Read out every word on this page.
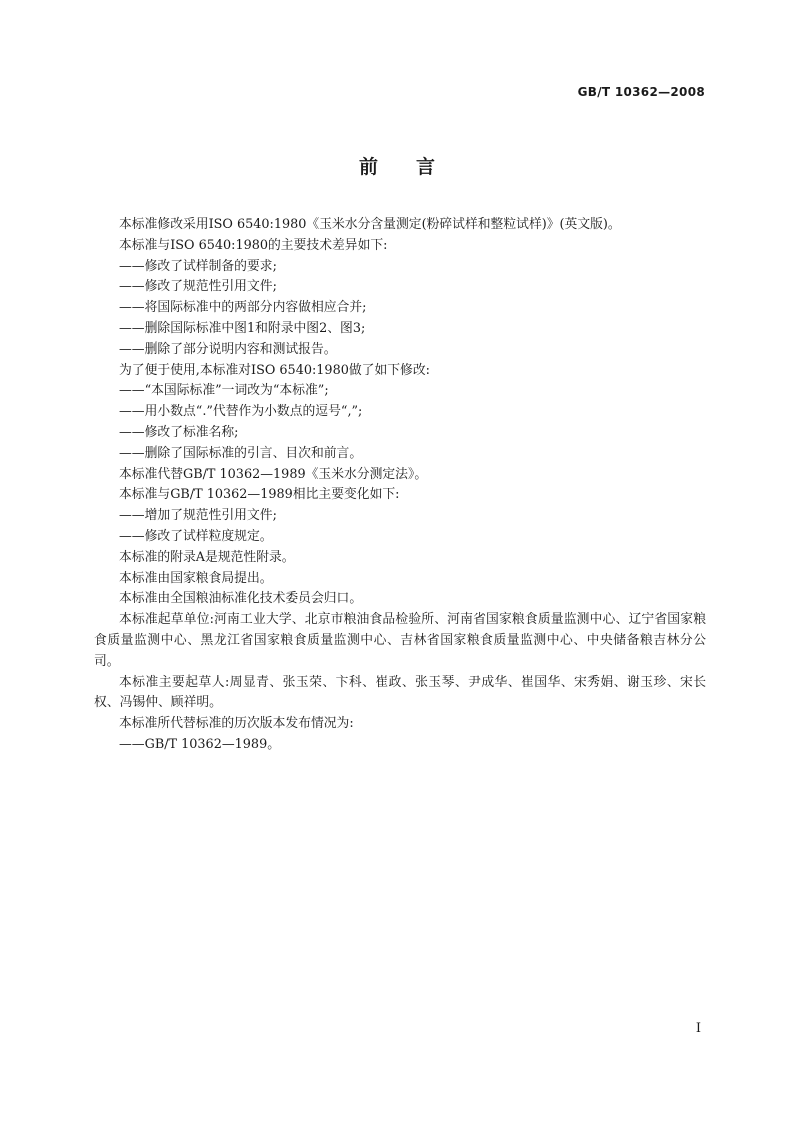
GB/T 10362—2008
前言

本标准修改采用ISO 6540:1980《玉米水分含量测定(粉碎试样和整粒试样)》(英文版)。

本标准与ISO 6540:1980的主要技术差异如下:

——修改了试样制备的要求;

——修改了规范性引用文件;

——将国际标准中的两部分内容做相应合并;

——删除国际标准中图1和附录中图2、图3;

——删除了部分说明内容和测试报告。

为了便于使用,本标准对ISO 6540:1980做了如下修改:

——“本国际标准”一词改为“本标准”;

——用小数点“.”代替作为小数点的逗号“,”;

——修改了标准名称;

——删除了国际标准的引言、目次和前言。

本标准代替GB/T 10362—1989《玉米水分测定法》。

本标准与GB/T 10362—1989相比主要变化如下:

——增加了规范性引用文件;

——修改了试样粒度规定。

本标准的附录A是规范性附录。

本标准由国家粮食局提出。

本标准由全国粮油标准化技术委员会归口。

本标准起草单位:河南工业大学、北京市粮油食品检验所、河南省国家粮食质量监测中心、辽宁省国家粮食质量监测中心、黑龙江省国家粮食质量监测中心、吉林省国家粮食质量监测中心、中央储备粮吉林分公司。

本标准主要起草人:周显青、张玉荣、卞科、崔政、张玉琴、尹成华、崔国华、宋秀娟、谢玉珍、宋长权、冯锡仲、顾祥明。

本标准所代替标准的历次版本发布情况为:

——GB/T 10362—1989。

I
